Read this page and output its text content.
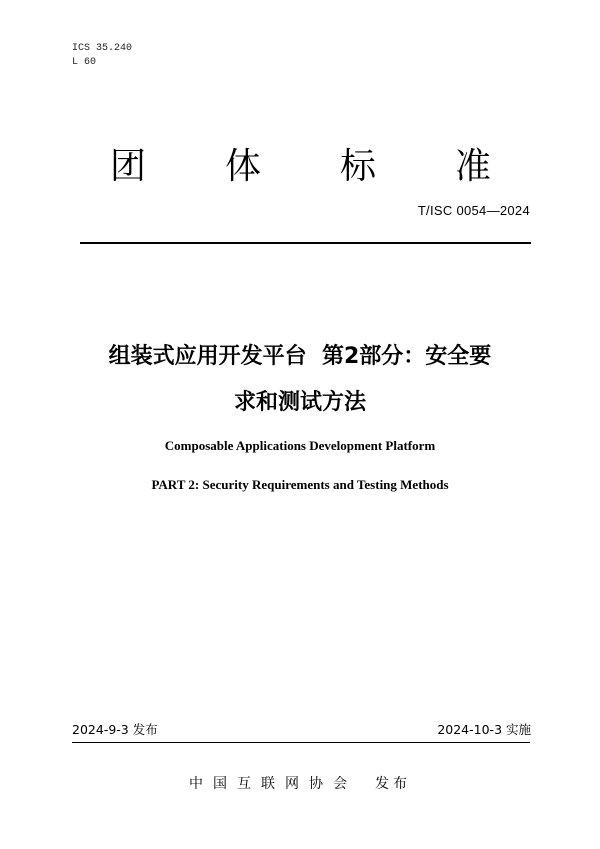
ICS 35.240
L 60
团 体 标 准
T/ISC 0054—2024
组装式应用开发平台  第2部分：安全要
求和测试方法
Composable Applications Development Platform
PART 2: Security Requirements and Testing Methods
2024-9-3 发布	2024-10-3 实施
中国互联网协会 发布
